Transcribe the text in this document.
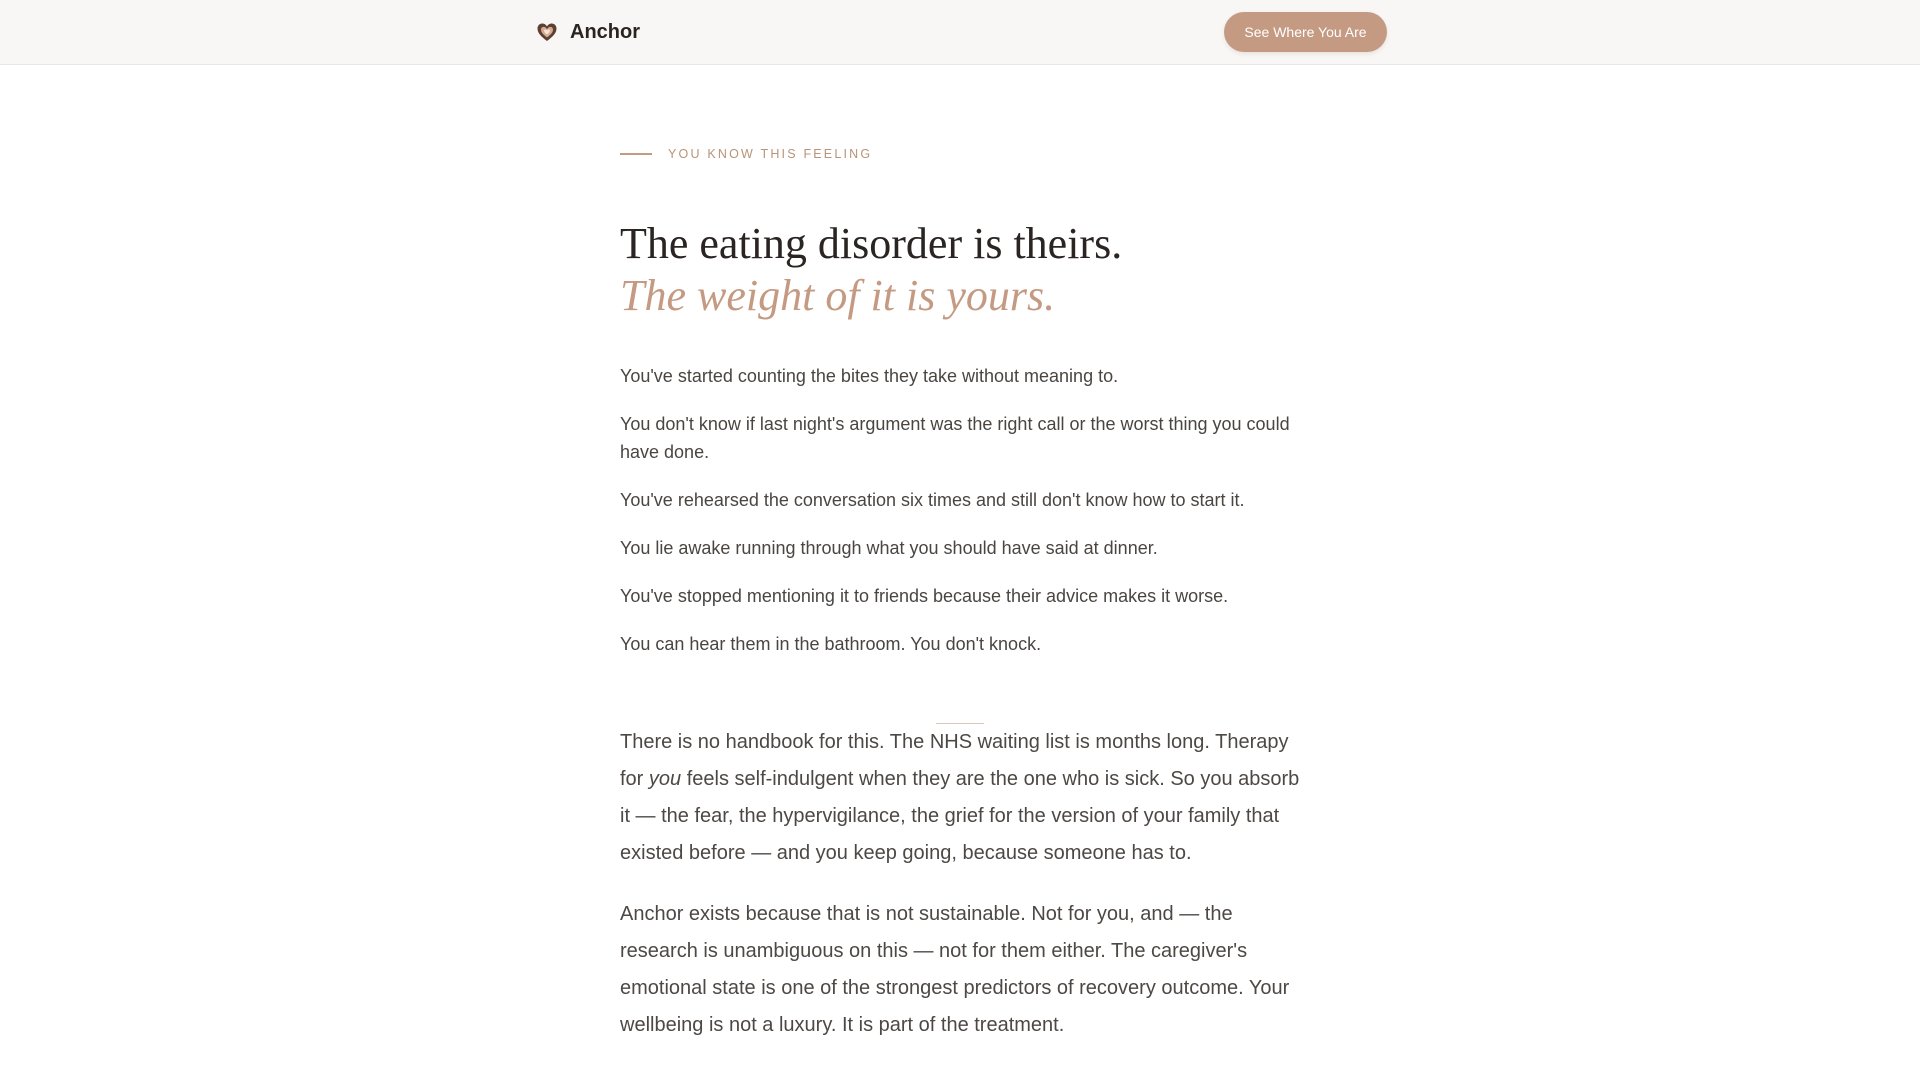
Anchor	See Where You Are
YOU KNOW THIS FEELING
The eating disorder is theirs.
The weight of it is yours.
You've started counting the bites they take without meaning to.
You don't know if last night's argument was the right call or the worst thing you could have done.
You've rehearsed the conversation six times and still don't know how to start it.
You lie awake running through what you should have said at dinner.
You've stopped mentioning it to friends because their advice makes it worse.
You can hear them in the bathroom. You don't knock.

There is no handbook for this. The NHS waiting list is months long. Therapy for you feels self-indulgent when they are the one who is sick. So you absorb it — the fear, the hypervigilance, the grief for the version of your family that existed before — and you keep going, because someone has to.

Anchor exists because that is not sustainable. Not for you, and — the research is unambiguous on this — not for them either. The caregiver's emotional state is one of the strongest predictors of recovery outcome. Your wellbeing is not a luxury. It is part of the treatment.
